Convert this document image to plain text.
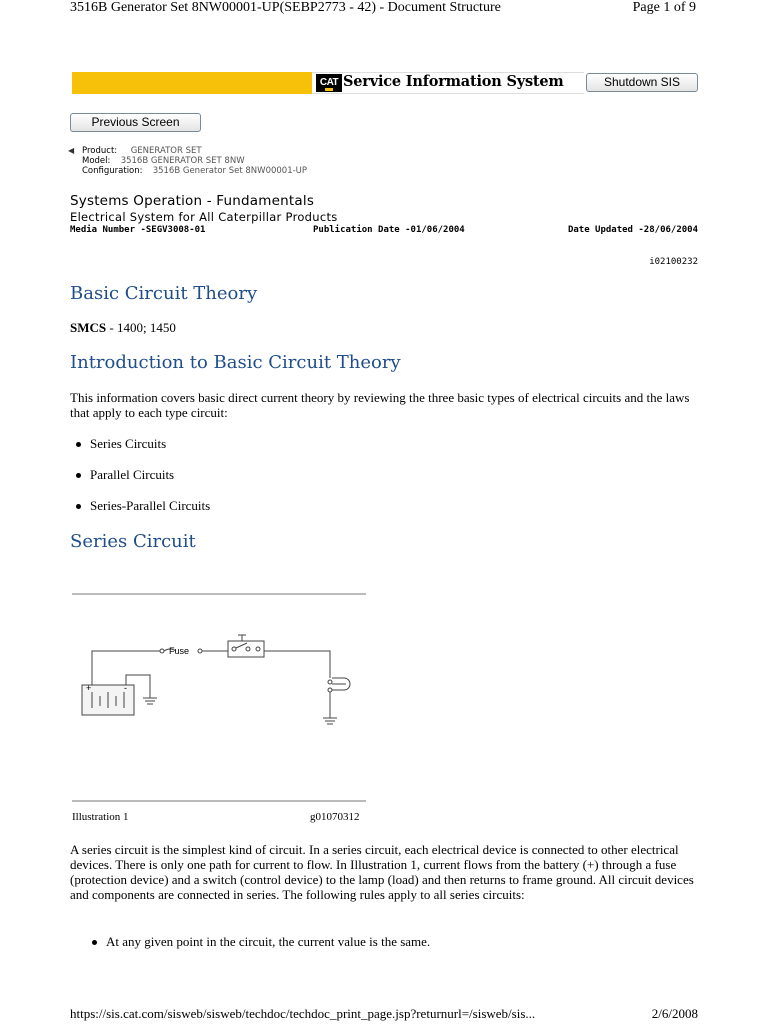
3516B Generator Set 8NW00001-UP(SEBP2773 - 42) - Document Structure	Page 1 of 9
CAT Service Information System	Shutdown SIS
Previous Screen
◀ Product: GENERATOR SET
Model: 3516B GENERATOR SET 8NW
Configuration: 3516B Generator Set 8NW00001-UP
Systems Operation - Fundamentals
Electrical System for All Caterpillar Products
Media Number -SEGV3008-01	Publication Date -01/06/2004	Date Updated -28/06/2004
i02100232
Basic Circuit Theory
SMCS - 1400; 1450
Introduction to Basic Circuit Theory
This information covers basic direct current theory by reviewing the three basic types of electrical circuits and the laws that apply to each type circuit:
Series Circuits
Parallel Circuits
Series-Parallel Circuits
Series Circuit
Fuse
+	-
Illustration 1	g01070312
A series circuit is the simplest kind of circuit. In a series circuit, each electrical device is connected to other electrical devices. There is only one path for current to flow. In Illustration 1, current flows from the battery (+) through a fuse (protection device) and a switch (control device) to the lamp (load) and then returns to frame ground. All circuit devices and components are connected in series. The following rules apply to all series circuits:
At any given point in the circuit, the current value is the same.
https://sis.cat.com/sisweb/sisweb/techdoc/techdoc_print_page.jsp?returnurl=/sisweb/sis...	2/6/2008
